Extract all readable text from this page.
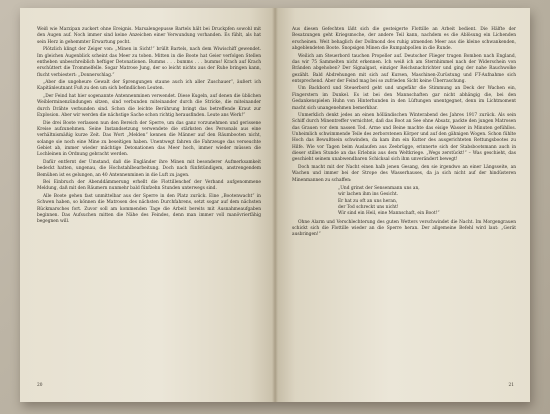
Weiß wie Marzipan zuckert ohne Ereignis. Marsalengepusse Bartels hält bei Druckpfen sowohl mit den Augen auf. Noch immer sind keine Anzeichen einer Verwundung vorhanden. Es fühlt, als hat sein Herz in gehemmter Erwartung pocht.

Plötzlich klingt der Zeiger von: „Minen in Sicht!“ brüllt Bartels, nach dem Wiwischiff gewendet. Im gleichen Augenblick scheint das Meer zu toben. Mitten in die Boote hat Geier verfolgen Stellen entheben unbeschreiblich heftiger Detonationen. Bumms . . . bumms . . . bumms! Krach auf Krach erschüttert die Trommelfelle. Sogar Matrose Jung, der so leicht nichts aus der Ruhe bringen kann, flucht verbiestert: „Donnerschlag.“

„Aber die ungeheure Gewalt der Sprengungen staune auch ich aller Zuschauer“, äußert ich Kapitänleutnant Fuß zu den um sich befindlichen Leuten.

„Der Feind hat hier sogenannte Antennenminen verwendet. Diese Kugeln, auf denen die üblichen Weiblerminenzündungen sitzen, sind verbunden miteinander durch die Stricke, die miteinander durch Drähte verbunden sind. Schon die leichte Berührung bringt das betreffende Kraut zur Explosion. Aber wir werden die nächstige Sache schon richtig herausfinden. Leute ans Werk!“

Die drei Boote verlassen nun den Bereich der Sperre, um das ganz vorzunehmen und gerissene Kreise aufzunehmen. Seine Instandsetzung verwendete die stärksten des Personals aus eine verhältnismäßig kurze Zeit. Das Wort „Melden“ kennen die Männer auf den Räumbooten nicht, solange sie noch eine Mine zu beseitigen haben. Unentwegt fahren die Fahrzeuge das verseuchte Gebiet ab, immer wieder mächtige Detonationen das Meer hoch, immer wieder müssen die Lochleinen in Ordnung gebracht werden.

Dafür entfernt der Umstand, daß die Engländer ihre Minen mit besonderer Aufmerksamkeit bedeckt hatten, ungenau, die Hochstahlbearbeitung. Doch nach fünfstündigem, anstrengendem Bemühen ist es gelungen, an 40 Antennenminen in die Luft zu jagen.

Bei Einbruch der Abenddämmerung erhellt die Flottillenchef der Verband aufgenommene Meldung, daß mit den Räumern nunmehr bald fünfzehn Stunden unterwegs sind.

Alle Boote gehen fast unmittelbar aus der Sperre in den Platz zurück. Eine „Bootenwacht“ in Schwen haben, so können die Matrosen des nächsten Durchfahrens, setzt sogar auf dem nächsten Rückmarsches fort. Zuvor soll am kommenden Tage die Arbeit bereits mit Ausnahmeaufgaben beginnen. Das Aufsuchen mitten die Nähe des Feindes, denn man immer voll manövrierfähig begegnen will.

20

Aus diesen Gefechten läßt sich die gesteigerte Flottille an Arbeit bedient. Die Hälfte der Besatzungen geht Kriegsmoche, der andere Teil kann, nachdem es die Ablösung ein Lichenden erscheinen. Weit behaglich der Dollmond des ruhig atmenden Meer aus die kleine schwankenden, abgeblendeten Boote. Snopsigen Minen die Rumpabpollen in die Runde.

Weilich am Steuerbord tauchen Propeller auf. Deutscher Flieger trugen Bomben nach England, das wir 75 Sammelten nicht erkennen. Ich weiß ich am Sternhimmel nach der Widerschein von Bränden abgehoben? Der Signalgast, einziger Reichsnachrichter und ging der nahe Rauchwolke gezählt. Bald Abdrehungen mit sich auf Kursen, Maschinen-Zurüstung und FT-Aufnahme sich entsprechend. Aber der Feind mag bei so zufrieden Sicht keine Überraschung.

Um Backbord und Steuerbord geht und ungefähr die Stimmung an Deck der Wachen ein, Fingerstern im Dunkel. Es ist bei den Mannschaften gar nicht abhängig die, bei den Gedankenspielen Huhn von Hinterhunden in den Lüftungen unentgegnet, denn im Lichtmoment macht sich unangenehmen bemerkbar.

Unmerklich denkt jedes an einen hölländischen Winterabend des Jahres 1917 zurück. Als sein Schiff durch Minentreffer vernichtet, daß das Boot an See ohne Absatz, packte den jungen Matrosen das Grauen vor dem nassen Tod. Arme und Beine machte das eisige Wasser in Minuten gefühllos. Unheimlich schwimmende Teile des zerborstenen Körper und auf den gähnigen Wogen. Schon fühlte Hoch das Bewußtsein schwinden, da kam ihm ein Kutter des ausgerichteten Rettungsbootes zu Hilfe. Wie vor Tagen beim Auslaufen aus Zeebrügge, erinnerte sich der Stabsbootsmann auch in dieser stillen Stunde an das Erlebnis aus dem Weltkriege. „Wegs zerstückt!“ – Was geschieht, das geschieht seinem unabwendbaren Schicksal sich ihm unverändert bewegt!

Doch macht mit der Nacht einen halb jenen Gesang, den sie irgendwo an einer Längsseite, an Wachen und immer bei der Strope des Wasserhauses, da ja sich nicht auf der hindüsteren Minenmannen zu schaffen:

„Und grinst der Sensenmann uns an,
wir lachen ihm ins Gesicht.
Er hat zu oft an uns heran,
der Tod schreckt uns nicht!
Wir sind ein Heil, eine Mannschaft, ein Boot!“

Ohne Alarm und Verschlechterung des guten Wetters verschwindet die Nacht. Im Morgengrauen schickt sich die Flottille wieder an die Sperre heran. Der allgemeine Befehl wird laut: „Gerät ausbringen!“

21
